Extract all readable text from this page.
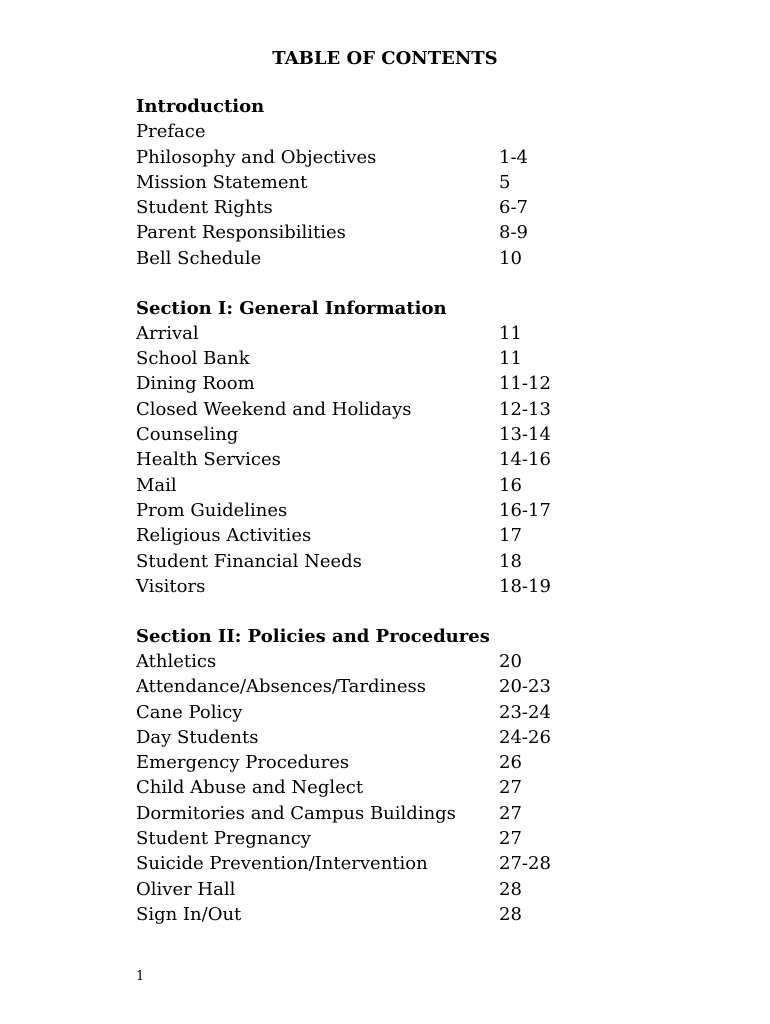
TABLE OF CONTENTS
Introduction
Preface
Philosophy and Objectives	1-4
Mission Statement	5
Student Rights	6-7
Parent Responsibilities	8-9
Bell Schedule	10
Section I: General Information
Arrival	11
School Bank	11
Dining Room	11-12
Closed Weekend and Holidays	12-13
Counseling	13-14
Health Services	14-16
Mail	16
Prom Guidelines	16-17
Religious Activities	17
Student Financial Needs	18
Visitors	18-19
Section II: Policies and Procedures
Athletics	20
Attendance/Absences/Tardiness	20-23
Cane Policy	23-24
Day Students	24-26
Emergency Procedures	26
Child Abuse and Neglect	27
Dormitories and Campus Buildings 27
Student Pregnancy	27
Suicide Prevention/Intervention	27-28
Oliver Hall	28
Sign In/Out	28
1
